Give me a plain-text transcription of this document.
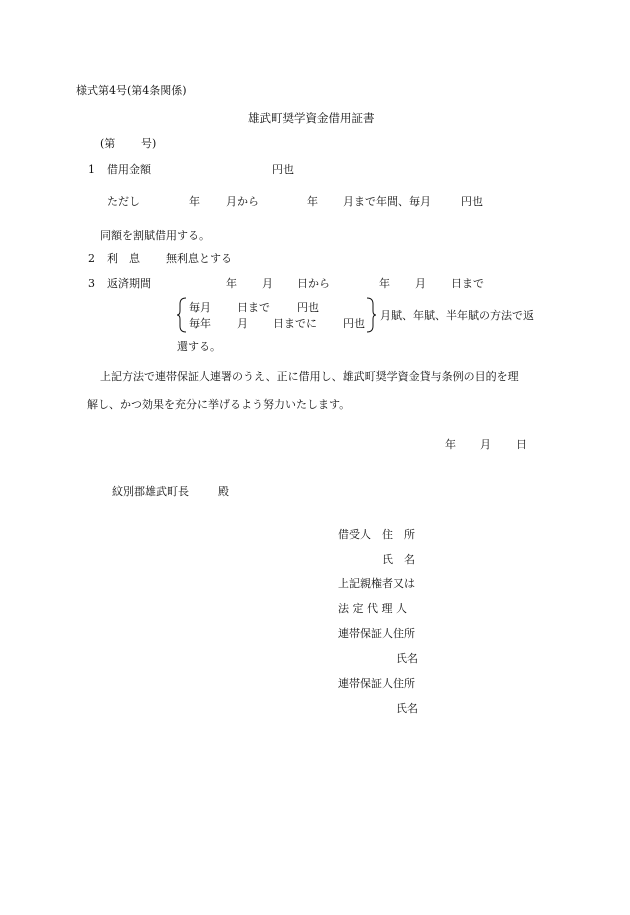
様式第4号(第4条関係)
雄武町奨学資金借用証書
(第 号)
1 借用金額	円也
ただし	年 月から	年 月まで年間、毎月	円也
同額を割賦借用する。
2 利　息 無利息とする
3 返済期間	年 月 日から	年 月 日まで
毎月 日まで 円也
毎年 月 日までに 円也
月賦、年賦、半年賦の方法で返
還する。
上記方法で連帯保証人連署のうえ、正に借用し、雄武町奨学資金貸与条例の目的を理
解し、かつ効果を充分に挙げるよう努力いたします。
年 月 日
紋別郡雄武町長	殿
借受人 住　所
氏　名
上記親権者又は
法 定 代 理 人
連帯保証人住所
氏名
連帯保証人住所
氏名
